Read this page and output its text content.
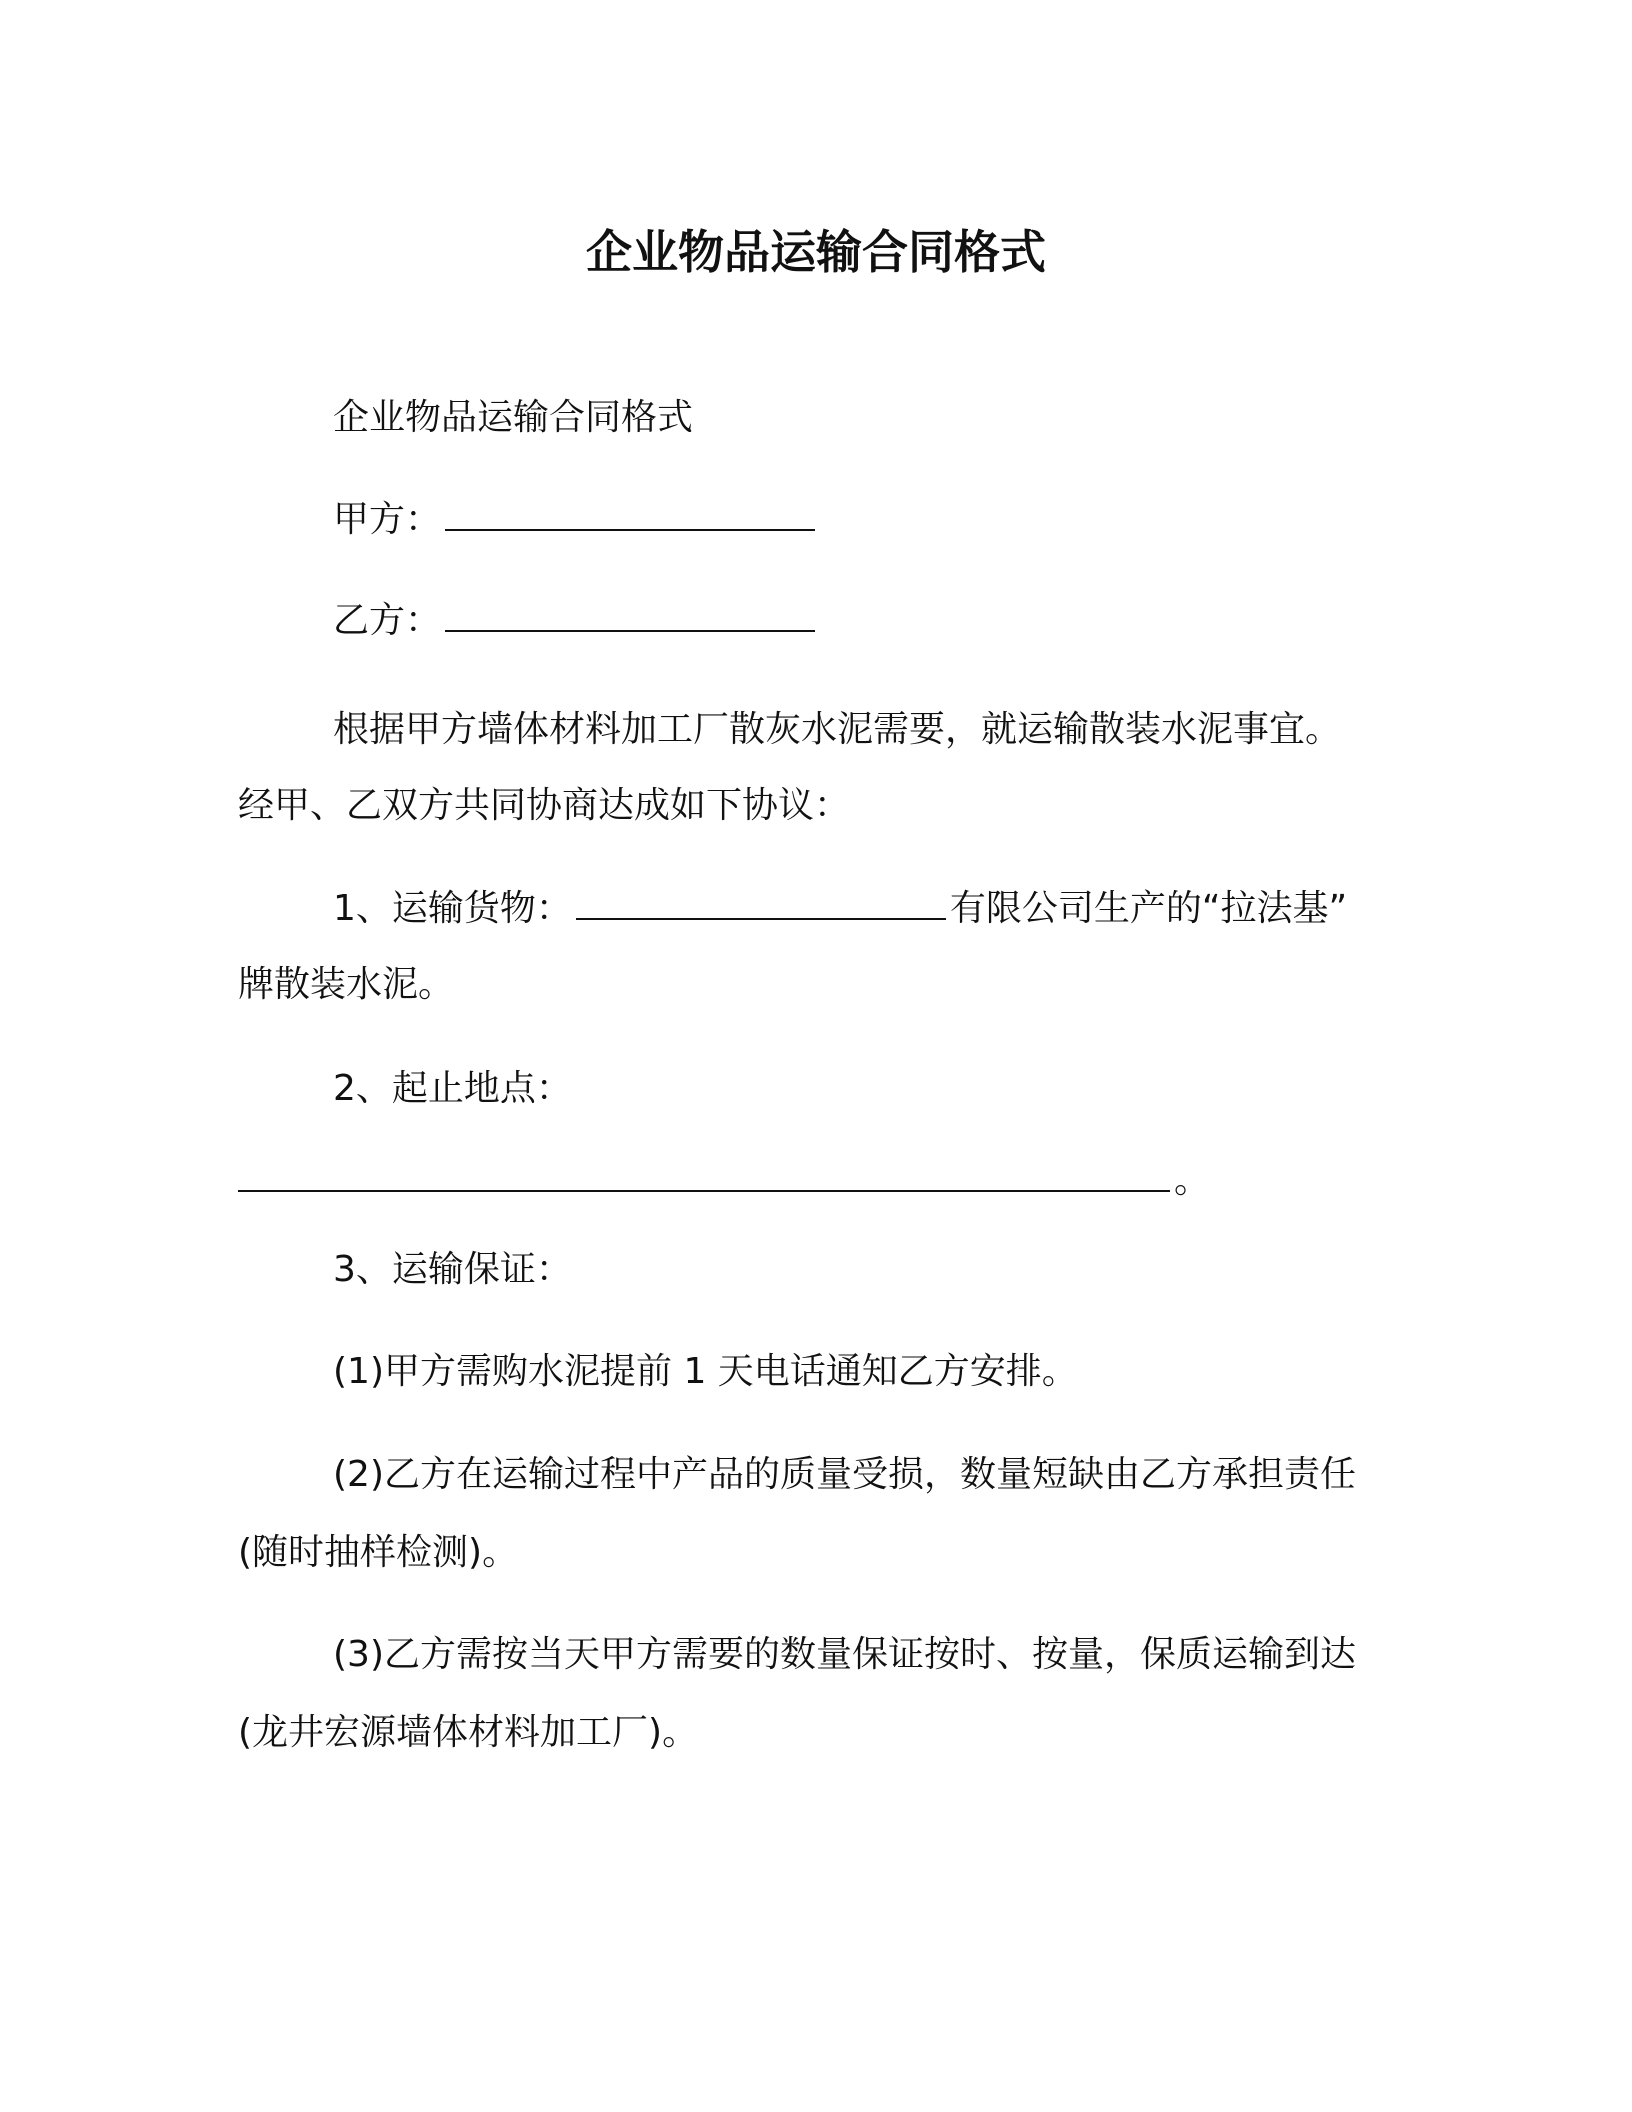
企业物品运输合同格式
企业物品运输合同格式
甲方：
乙方：
根据甲方墙体材料加工厂散灰水泥需要，就运输散装水泥事宜。
经甲、乙双方共同协商达成如下协议：
1、运输货物：	有限公司生产的“拉法基”
牌散装水泥。
2、起止地点：
。
3、运输保证：
(1)甲方需购水泥提前 1 天电话通知乙方安排。
(2)乙方在运输过程中产品的质量受损，数量短缺由乙方承担责任
(随时抽样检测)。
(3)乙方需按当天甲方需要的数量保证按时、按量，保质运输到达
(龙井宏源墙体材料加工厂)。
